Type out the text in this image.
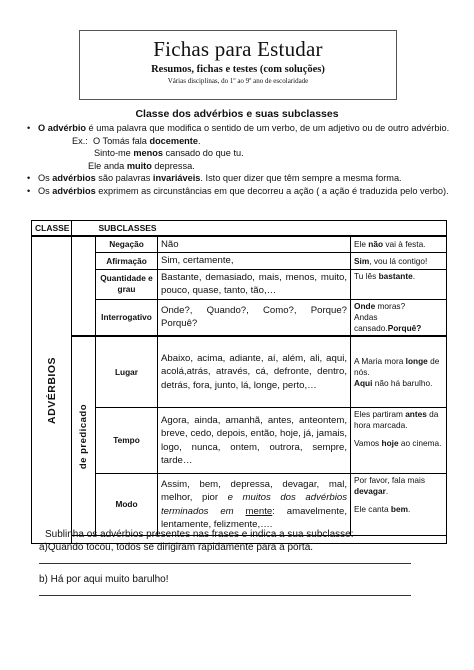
Fichas para Estudar
Resumos, fichas e testes (com soluções)
Várias disciplinas, do 1º ao 9º ano de escolaridade
Classe dos advérbios e suas subclasses
• O advérbio é uma palavra que modifica o sentido de um verbo, de um adjetivo ou de outro advérbio.
Ex.: O Tomás fala docemente.
Sinto-me menos cansado do que tu.
Ele anda muito depressa.
• Os advérbios são palavras invariáveis. Isto quer dizer que têm sempre a mesma forma.
• Os advérbios exprimem as circunstâncias em que decorreu a ação ( a ação é traduzida pelo verbo).
CLASSE		SUBCLASSES		

ADVÉRBIOS		Negação	Não	Ele não vai à festa.
		Afirmação	Sim, certamente,	Sim, vou lá contigo!
		Quantidade e grau	Bastante, demasiado, mais, menos, muito, pouco, quase, tanto, tão,…	Tu lês bastante.
		Interrogativo	Onde?, Quando?, Como?, Porque? Porquê?	Onde moras?
Andas cansado.Porquê?

	de predicado	Lugar	Abaixo, acima, adiante, aí, além, ali, aqui, acolá,atrás, através, cá, defronte, dentro, detrás, fora, junto, lá, longe, perto,…	A Maria mora longe de nós.
Aqui não há barulho.
		Tempo	Agora, ainda, amanhã, antes, anteontem, breve, cedo, depois, então, hoje, já, jamais, logo, nunca, ontem, outrora, sempre, tarde…	Eles partiram antes da hora marcada.
Vamos hoje ao cinema.
		Modo	Assim, bem, depressa, devagar, mal, melhor, pior e muitos dos advérbios terminados em mente: amavelmente, lentamente, felizmente,….	Por favor, fala mais devagar.
Ele canta bem.

Sublinha os advérbios presentes nas frases e indica a sua subclasse:
a)Quando tocou, todos se dirigiram rapidamente para a porta.
b) Há por aqui muito barulho!
